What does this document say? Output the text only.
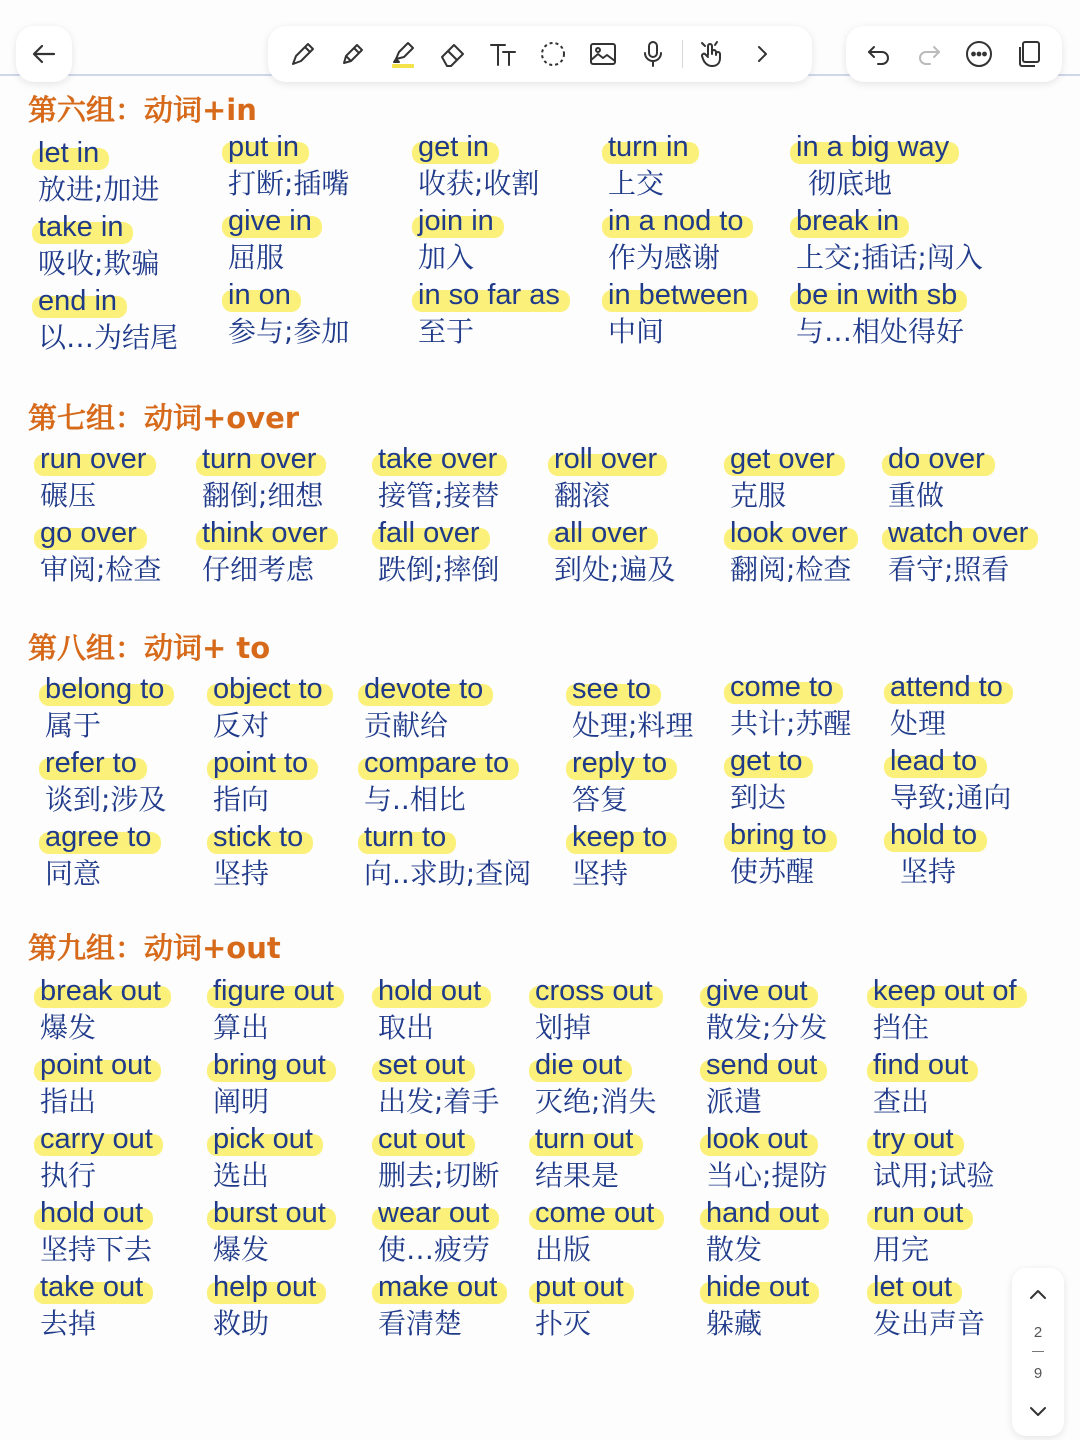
第六组：动词+in
let in
放进;加进
take in
吸收;欺骗
end in
以…为结尾
put in
打断;插嘴
give in
屈服
in on
参与;参加
get in
收获;收割
join in
加入
in so far as
至于
turn in
上交
in a nod to
作为感谢
in between
中间
in a big way
彻底地
break in
上交;插话;闯入
be in with sb
与…相处得好
第七组：动词+over
run over
碾压
go over
审阅;检查
turn over
翻倒;细想
think over
仔细考虑
take over
接管;接替
fall over
跌倒;摔倒
roll over
翻滚
all over
到处;遍及
get over
克服
look over
翻阅;检查
do over
重做
watch over
看守;照看
第八组：动词+ to
belong to
属于
refer to
谈到;涉及
agree to
同意
object to
反对
point to
指向
stick to
坚持
devote to
贡献给
compare to
与..相比
turn to
向..求助;查阅
see to
处理;料理
reply to
答复
keep to
坚持
come to
共计;苏醒
get to
到达
bring to
使苏醒
attend to
处理
lead to
导致;通向
hold to
坚持
第九组：动词+out
break out
爆发
point out
指出
carry out
执行
hold out
坚持下去
take out
去掉
figure out
算出
bring out
阐明
pick out
选出
burst out
爆发
help out
救助
hold out
取出
set out
出发;着手
cut out
删去;切断
wear out
使…疲劳
make out
看清楚
cross out
划掉
die out
灭绝;消失
turn out
结果是
come out
出版
put out
扑灭
give out
散发;分发
send out
派遣
look out
当心;提防
hand out
散发
hide out
躲藏
keep out of
挡住
find out
查出
try out
试用;试验
run out
用完
let out
发出声音	2
9
